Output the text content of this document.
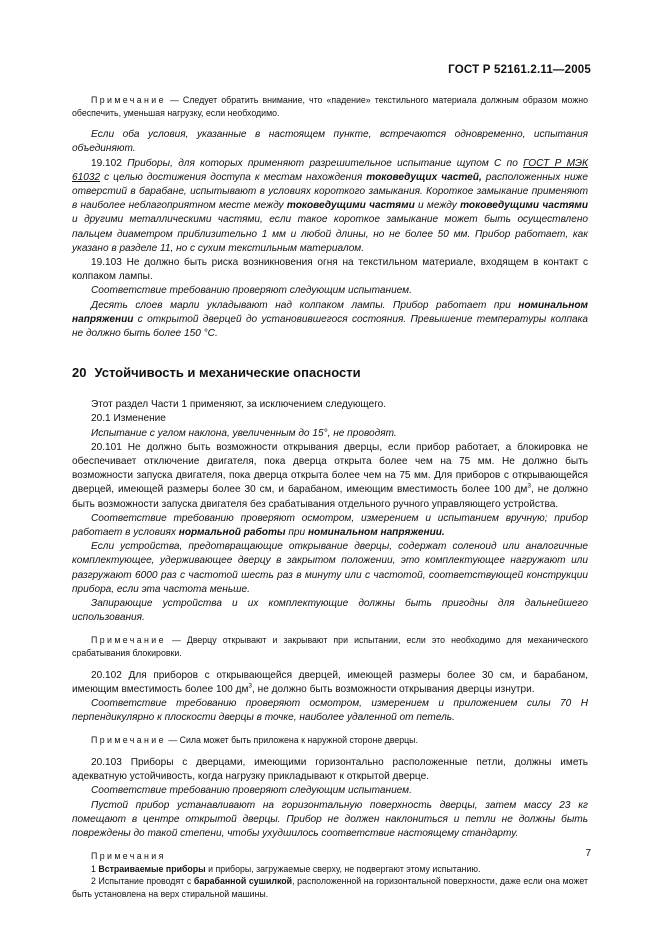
ГОСТ Р 52161.2.11—2005

Примечание — Следует обратить внимание, что «падение» текстильного материала должным образом можно обеспечить, уменьшая нагрузку, если необходимо.

Если оба условия, указанные в настоящем пункте, встречаются одновременно, испытания объединяют.

19.102 Приборы, для которых применяют разрешительное испытание щупом С по ГОСТ Р МЭК 61032 с целью достижения доступа к местам нахождения токоведущих частей, расположенных ниже отверстий в барабане, испытывают в условиях короткого замыкания. Короткое замыкание применяют в наиболее неблагоприятном месте между токоведущими частями и между токоведущими частями и другими металлическими частями, если такое короткое замыкание может быть осуществлено пальцем диаметром приблизительно 1 мм и любой длины, но не более 50 мм. Прибор работает, как указано в разделе 11, но с сухим текстильным материалом.

19.103 Не должно быть риска возникновения огня на текстильном материале, входящем в контакт с колпаком лампы.

Соответствие требованию проверяют следующим испытанием.

Десять слоев марли укладывают над колпаком лампы. Прибор работает при номинальном напряжении с открытой дверцей до установившегося состояния. Превышение температуры колпака не должно быть более 150 °С.

20 Устойчивость и механические опасности

Этот раздел Части 1 применяют, за исключением следующего.

20.1 Изменение

Испытание с углом наклона, увеличенным до 15°, не проводят.

20.101 Не должно быть возможности открывания дверцы, если прибор работает, а блокировка не обеспечивает отключение двигателя, пока дверца открыта более чем на 75 мм. Не должно быть возможности запуска двигателя, пока дверца открыта более чем на 75 мм. Для приборов с открывающейся дверцей, имеющей размеры более 30 см, и барабаном, имеющим вместимость более 100 $дм^3$, не должно быть возможности запуска двигателя без срабатывания отдельного ручного управляющего устройства.

Соответствие требованию проверяют осмотром, измерением и испытанием вручную; прибор работает в условиях нормальной работы при номинальном напряжении.

Если устройства, предотвращающие открывание дверцы, содержат соленоид или аналогичные комплектующее, удерживающее дверцу в закрытом положении, это комплектующее нагружают или разгружают 6000 раз с частотой шесть раз в минуту или с частотой, соответствующей конструкции прибора, если эта частота меньше.

Запирающие устройства и их комплектующие должны быть пригодны для дальнейшего использования.

Примечание — Дверцу открывают и закрывают при испытании, если это необходимо для механического срабатывания блокировки.

20.102 Для приборов с открывающейся дверцей, имеющей размеры более 30 см, и барабаном, имеющим вместимость более 100 $дм^3$, не должно быть возможности открывания дверцы изнутри.

Соответствие требованию проверяют осмотром, измерением и приложением силы 70 Н перпендикулярно к плоскости дверцы в точке, наиболее удаленной от петель.

Примечание — Сила может быть приложена к наружной стороне дверцы.

20.103 Приборы с дверцами, имеющими горизонтально расположенные петли, должны иметь адекватную устойчивость, когда нагрузку прикладывают к открытой дверце.

Соответствие требованию проверяют следующим испытанием.

Пустой прибор устанавливают на горизонтальную поверхность дверцы, затем массу 23 кг помещают в центре открытой дверцы. Прибор не должен наклониться и петли не должны быть повреждены до такой степени, чтобы ухудшилось соответствие настоящему стандарту.

Примечания

1 Встраиваемые приборы и приборы, загружаемые сверху, не подвергают этому испытанию.

2 Испытание проводят с барабанной сушилкой, расположенной на горизонтальной поверхности, даже если она может быть установлена на верх стиральной машины.

7
